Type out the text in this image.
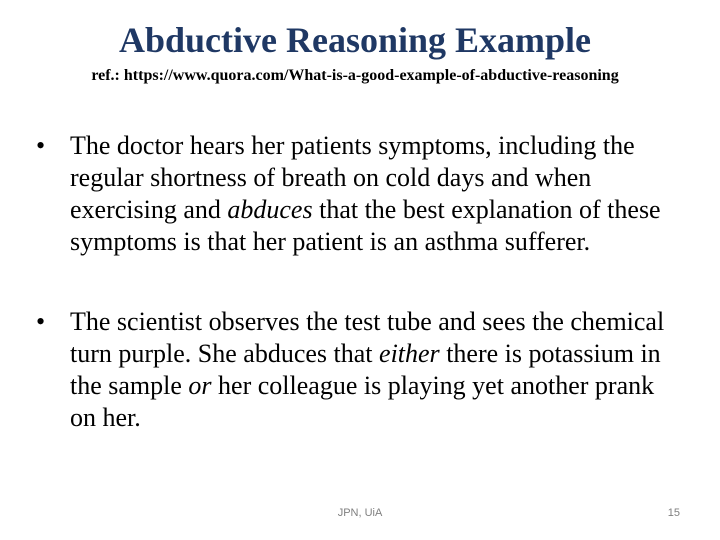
Abductive Reasoning Example
ref.: https://www.quora.com/What-is-a-good-example-of-abductive-reasoning
• The doctor hears her patients symptoms, including the regular shortness of breath on cold days and when exercising and abduces that the best explanation of these symptoms is that her patient is an asthma sufferer.
• The scientist observes the test tube and sees the chemical turn purple. She abduces that either there is potassium in the sample or her colleague is playing yet another prank on her.
JPN, UiA	15
